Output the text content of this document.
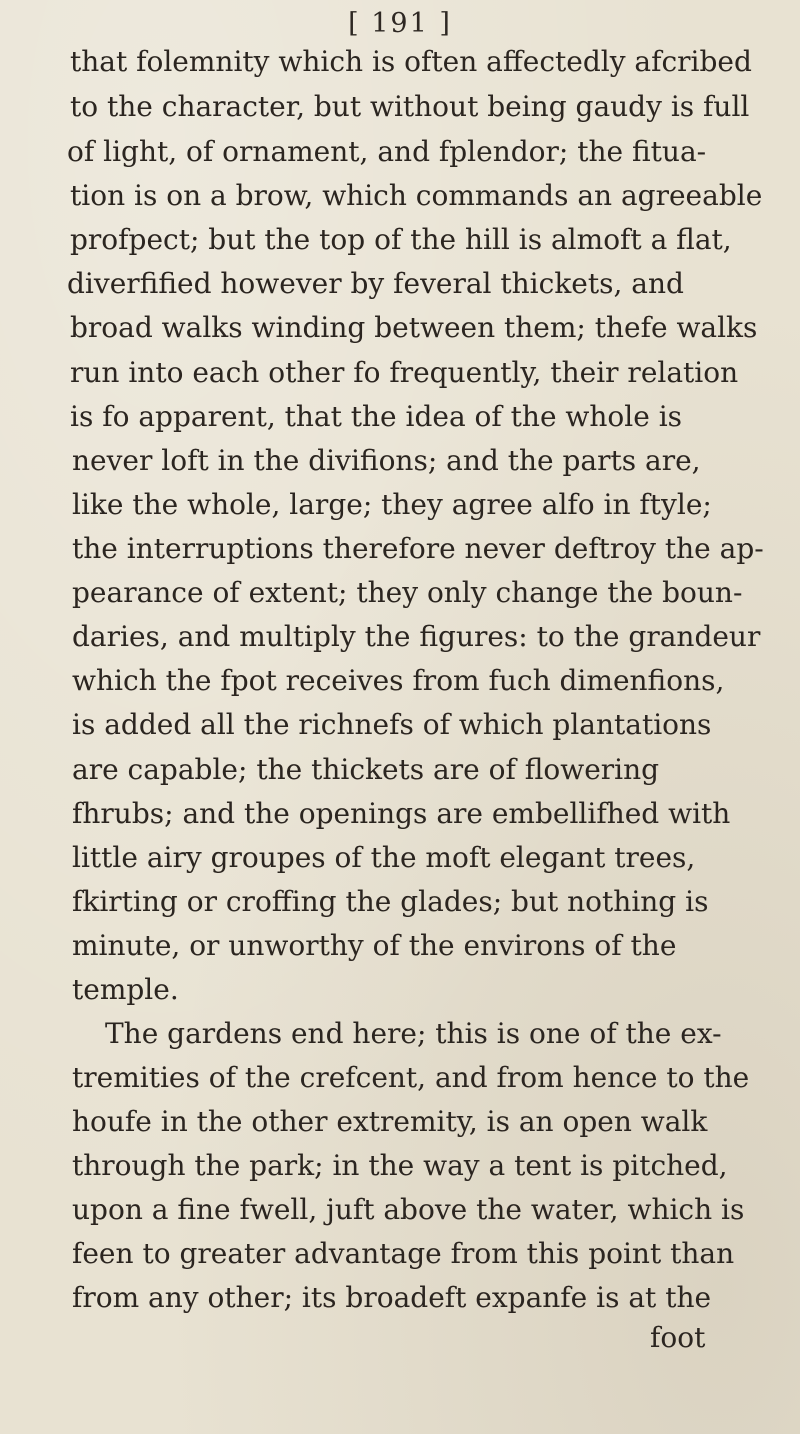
[ 191 ]
that folemnity which is often affectedly afcribed
to the character, but without being gaudy is full
of light, of ornament, and fplendor; the fitua-
tion is on a brow, which commands an agreeable
profpect; but the top of the hill is almoft a flat,
diverfified however by feveral thickets, and
broad walks winding between them; thefe walks
run into each other fo frequently, their relation
is fo apparent, that the idea of the whole is
never loft in the divifions; and the parts are,
like the whole, large; they agree alfo in ftyle;
the interruptions therefore never deftroy the ap-
pearance of extent; they only change the boun-
daries, and multiply the figures: to the grandeur
which the fpot receives from fuch dimenfions,
is added all the richnefs of which plantations
are capable; the thickets are of flowering
fhrubs; and the openings are embellifhed with
little airy groupes of the moft elegant trees,
fkirting or croffing the glades; but nothing is
minute, or unworthy of the environs of the
temple.
The gardens end here; this is one of the ex-
tremities of the crefcent, and from hence to the
houfe in the other extremity, is an open walk
through the park; in the way a tent is pitched,
upon a fine fwell, juft above the water, which is
feen to greater advantage from this point than
from any other; its broadeft expanfe is at the
foot
